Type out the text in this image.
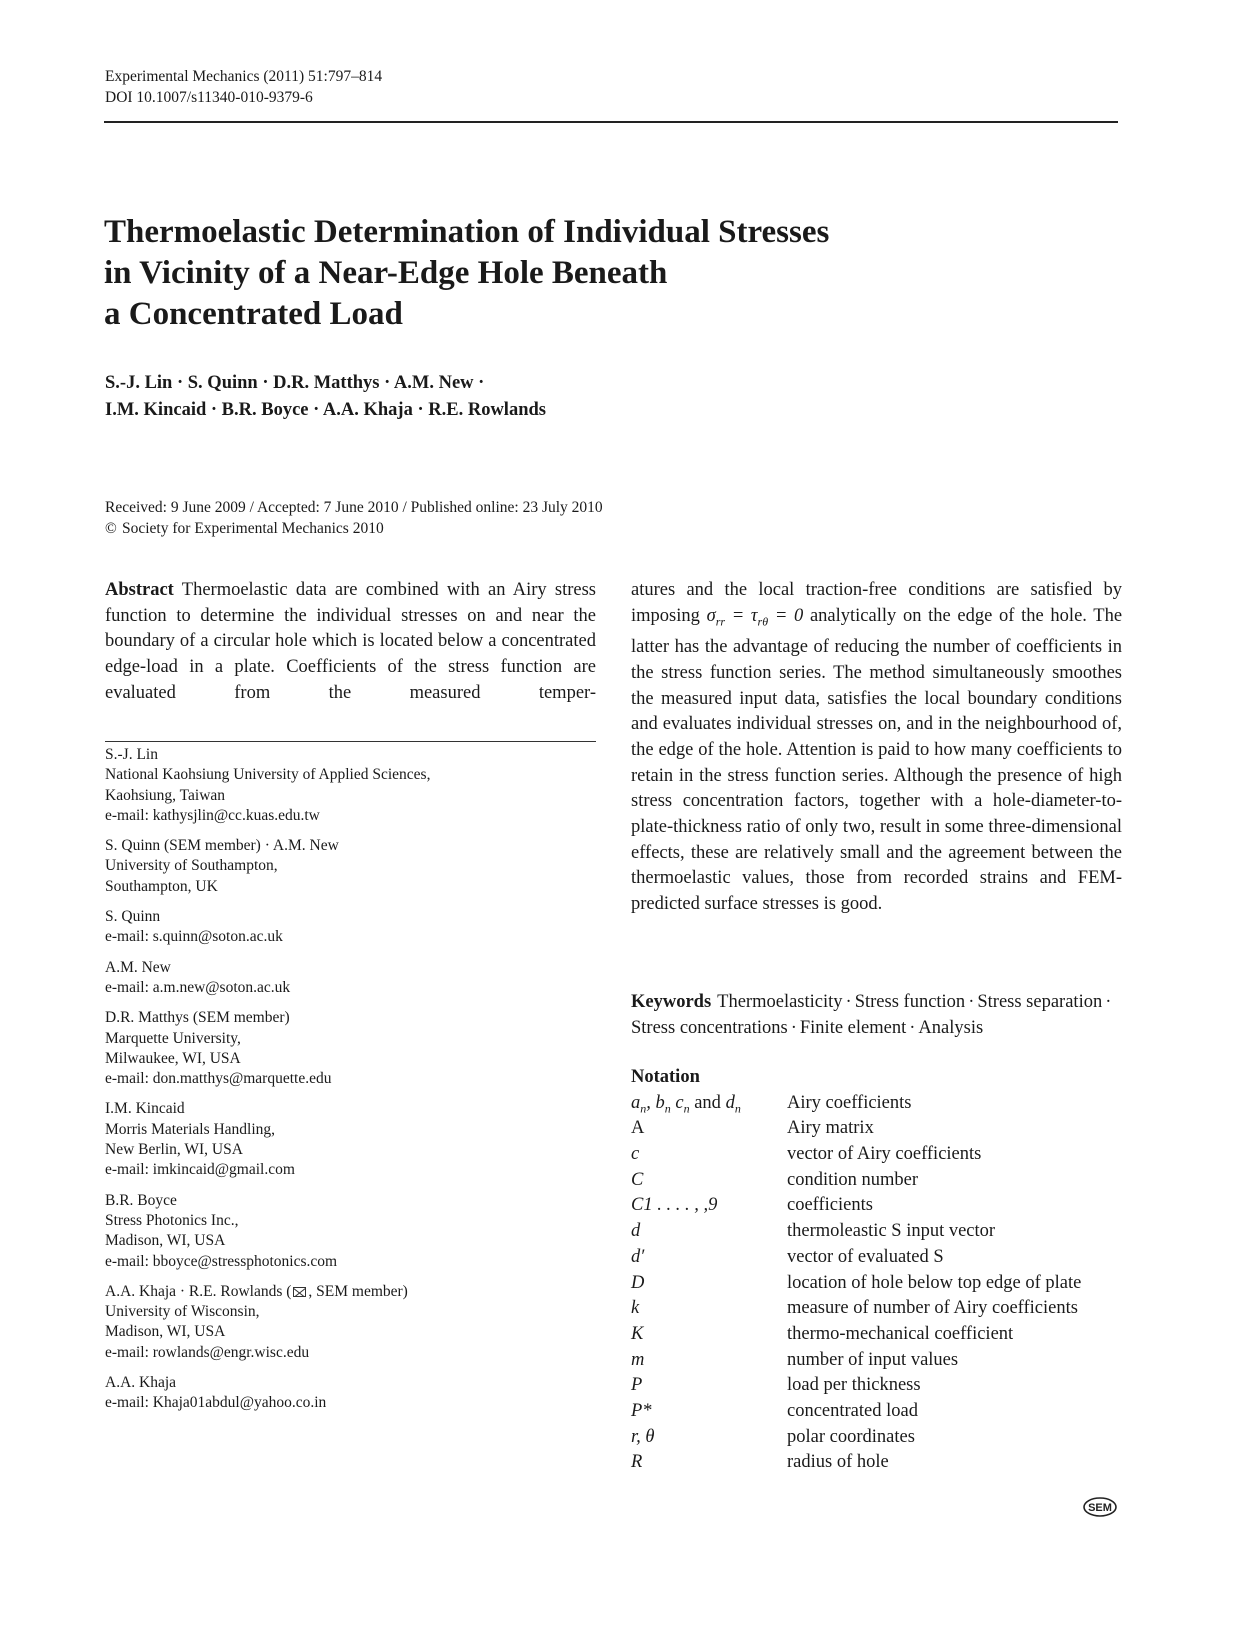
Experimental Mechanics (2011) 51:797–814
DOI 10.1007/s11340-010-9379-6
Thermoelastic Determination of Individual Stresses
in Vicinity of a Near-Edge Hole Beneath
a Concentrated Load
S.-J. Lin · S. Quinn · D.R. Matthys · A.M. New ·
I.M. Kincaid · B.R. Boyce · A.A. Khaja · R.E. Rowlands
Received: 9 June 2009 / Accepted: 7 June 2010 / Published online: 23 July 2010
© Society for Experimental Mechanics 2010

Abstract Thermoelastic data are combined with an Airy stress function to determine the individual stresses on and near the boundary of a circular hole which is located below a concentrated edge-load in a plate. Coefficients of the stress function are evaluated from the measured temper-

S.-J. Lin
National Kaohsiung University of Applied Sciences,
Kaohsiung, Taiwan
e-mail: kathysjlin@cc.kuas.edu.tw
S. Quinn (SEM member) · A.M. New
University of Southampton,
Southampton, UK
S. Quinn
e-mail: s.quinn@soton.ac.uk
A.M. New
e-mail: a.m.new@soton.ac.uk
D.R. Matthys (SEM member)
Marquette University,
Milwaukee, WI, USA
e-mail: don.matthys@marquette.edu
I.M. Kincaid
Morris Materials Handling,
New Berlin, WI, USA
e-mail: imkincaid@gmail.com
B.R. Boyce
Stress Photonics Inc.,
Madison, WI, USA
e-mail: bboyce@stressphotonics.com
A.A. Khaja · R.E. Rowlands ( , SEM member)
University of Wisconsin,
Madison, WI, USA
e-mail: rowlands@engr.wisc.edu
A.A. Khaja
e-mail: Khaja01abdul@yahoo.co.in

atures and the local traction-free conditions are satisfied by imposing $\sigma_{rr} = \tau_{r\theta} = 0$ analytically on the edge of the hole. The latter has the advantage of reducing the number of coefficients in the stress function series. The method simultaneously smoothes the measured input data, satisfies the local boundary conditions and evaluates individual stresses on, and in the neighbourhood of, the edge of the hole. Attention is paid to how many coefficients to retain in the stress function series. Although the presence of high stress concentration factors, together with a hole-diameter-to-plate-thickness ratio of only two, result in some three-dimensional effects, these are relatively small and the agreement between the thermoelastic values, those from recorded strains and FEM-predicted surface stresses is good.

Keywords Thermoelasticity · Stress function · Stress separation ·Stress concentrations · Finite element · Analysis
Notation
$a_n$, $b_n$ $c_n$ and $d_n$	Airy coefficients
A	Airy matrix
c	vector of Airy coefficients
C	condition number
C1 . . . . , ,9	coefficients
d	thermoleastic S input vector
d′	vector of evaluated S
D	location of hole below top edge of plate
k	measure of number of Airy coefficients
K	thermo-mechanical coefficient
m	number of input values
P	load per thickness
P*	concentrated load
r, θ	polar coordinates
R	radius of hole
SEM
